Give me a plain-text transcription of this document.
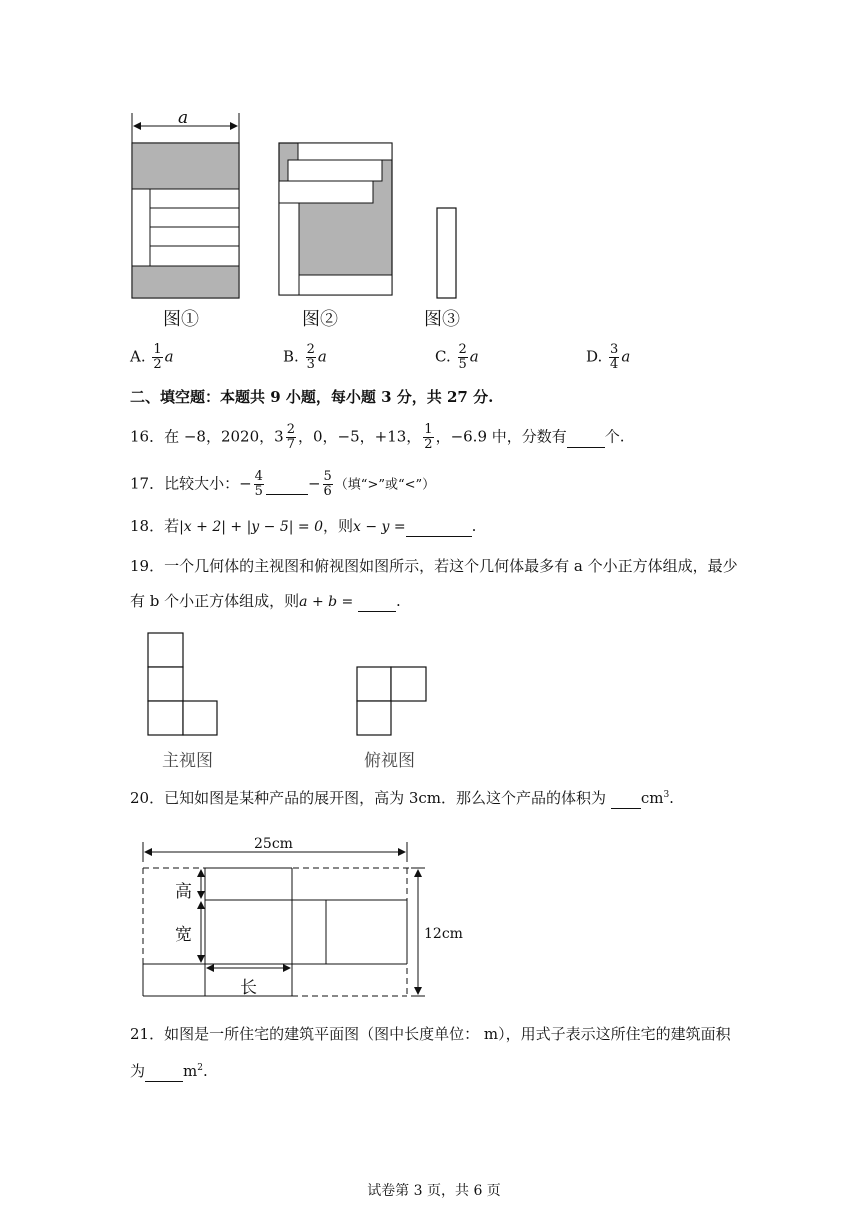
a
图①	图②	图③
A. $\frac{1}{2}$ a	B. $\frac{2}{3}$ a	C. $\frac{2}{5}$ a	D. $\frac{3}{4}$ a
二、填空题：本题共 9 小题，每小题 3 分，共 27 分.
16．在 −8，2020，$3 \frac{2}{7}$ ，0，−5，+13， $\frac{1}{2}$ ，−6.9 中，分数有	个.
17．比较大小：− $\frac{4}{5}$	− $\frac{5}{6}$ （填“>”或“<”）
18．若|x + 2| + |y − 5| = 0，则x − y =	.
19．一个几何体的主视图和俯视图如图所示，若这个几何体最多有 a 个小正方体组成，最少
有 b 个小正方体组成，则a + b =	.
主视图	俯视图
20．已知如图是某种产品的展开图，高为 3cm．那么这个产品的体积为 $cm^3$.
25cm
12cm
高
宽
长
21．如图是一所住宅的建筑平面图（图中长度单位： m），用式子表示这所住宅的建筑面积
为	$m^2$.
试卷第 3 页，共 6 页
